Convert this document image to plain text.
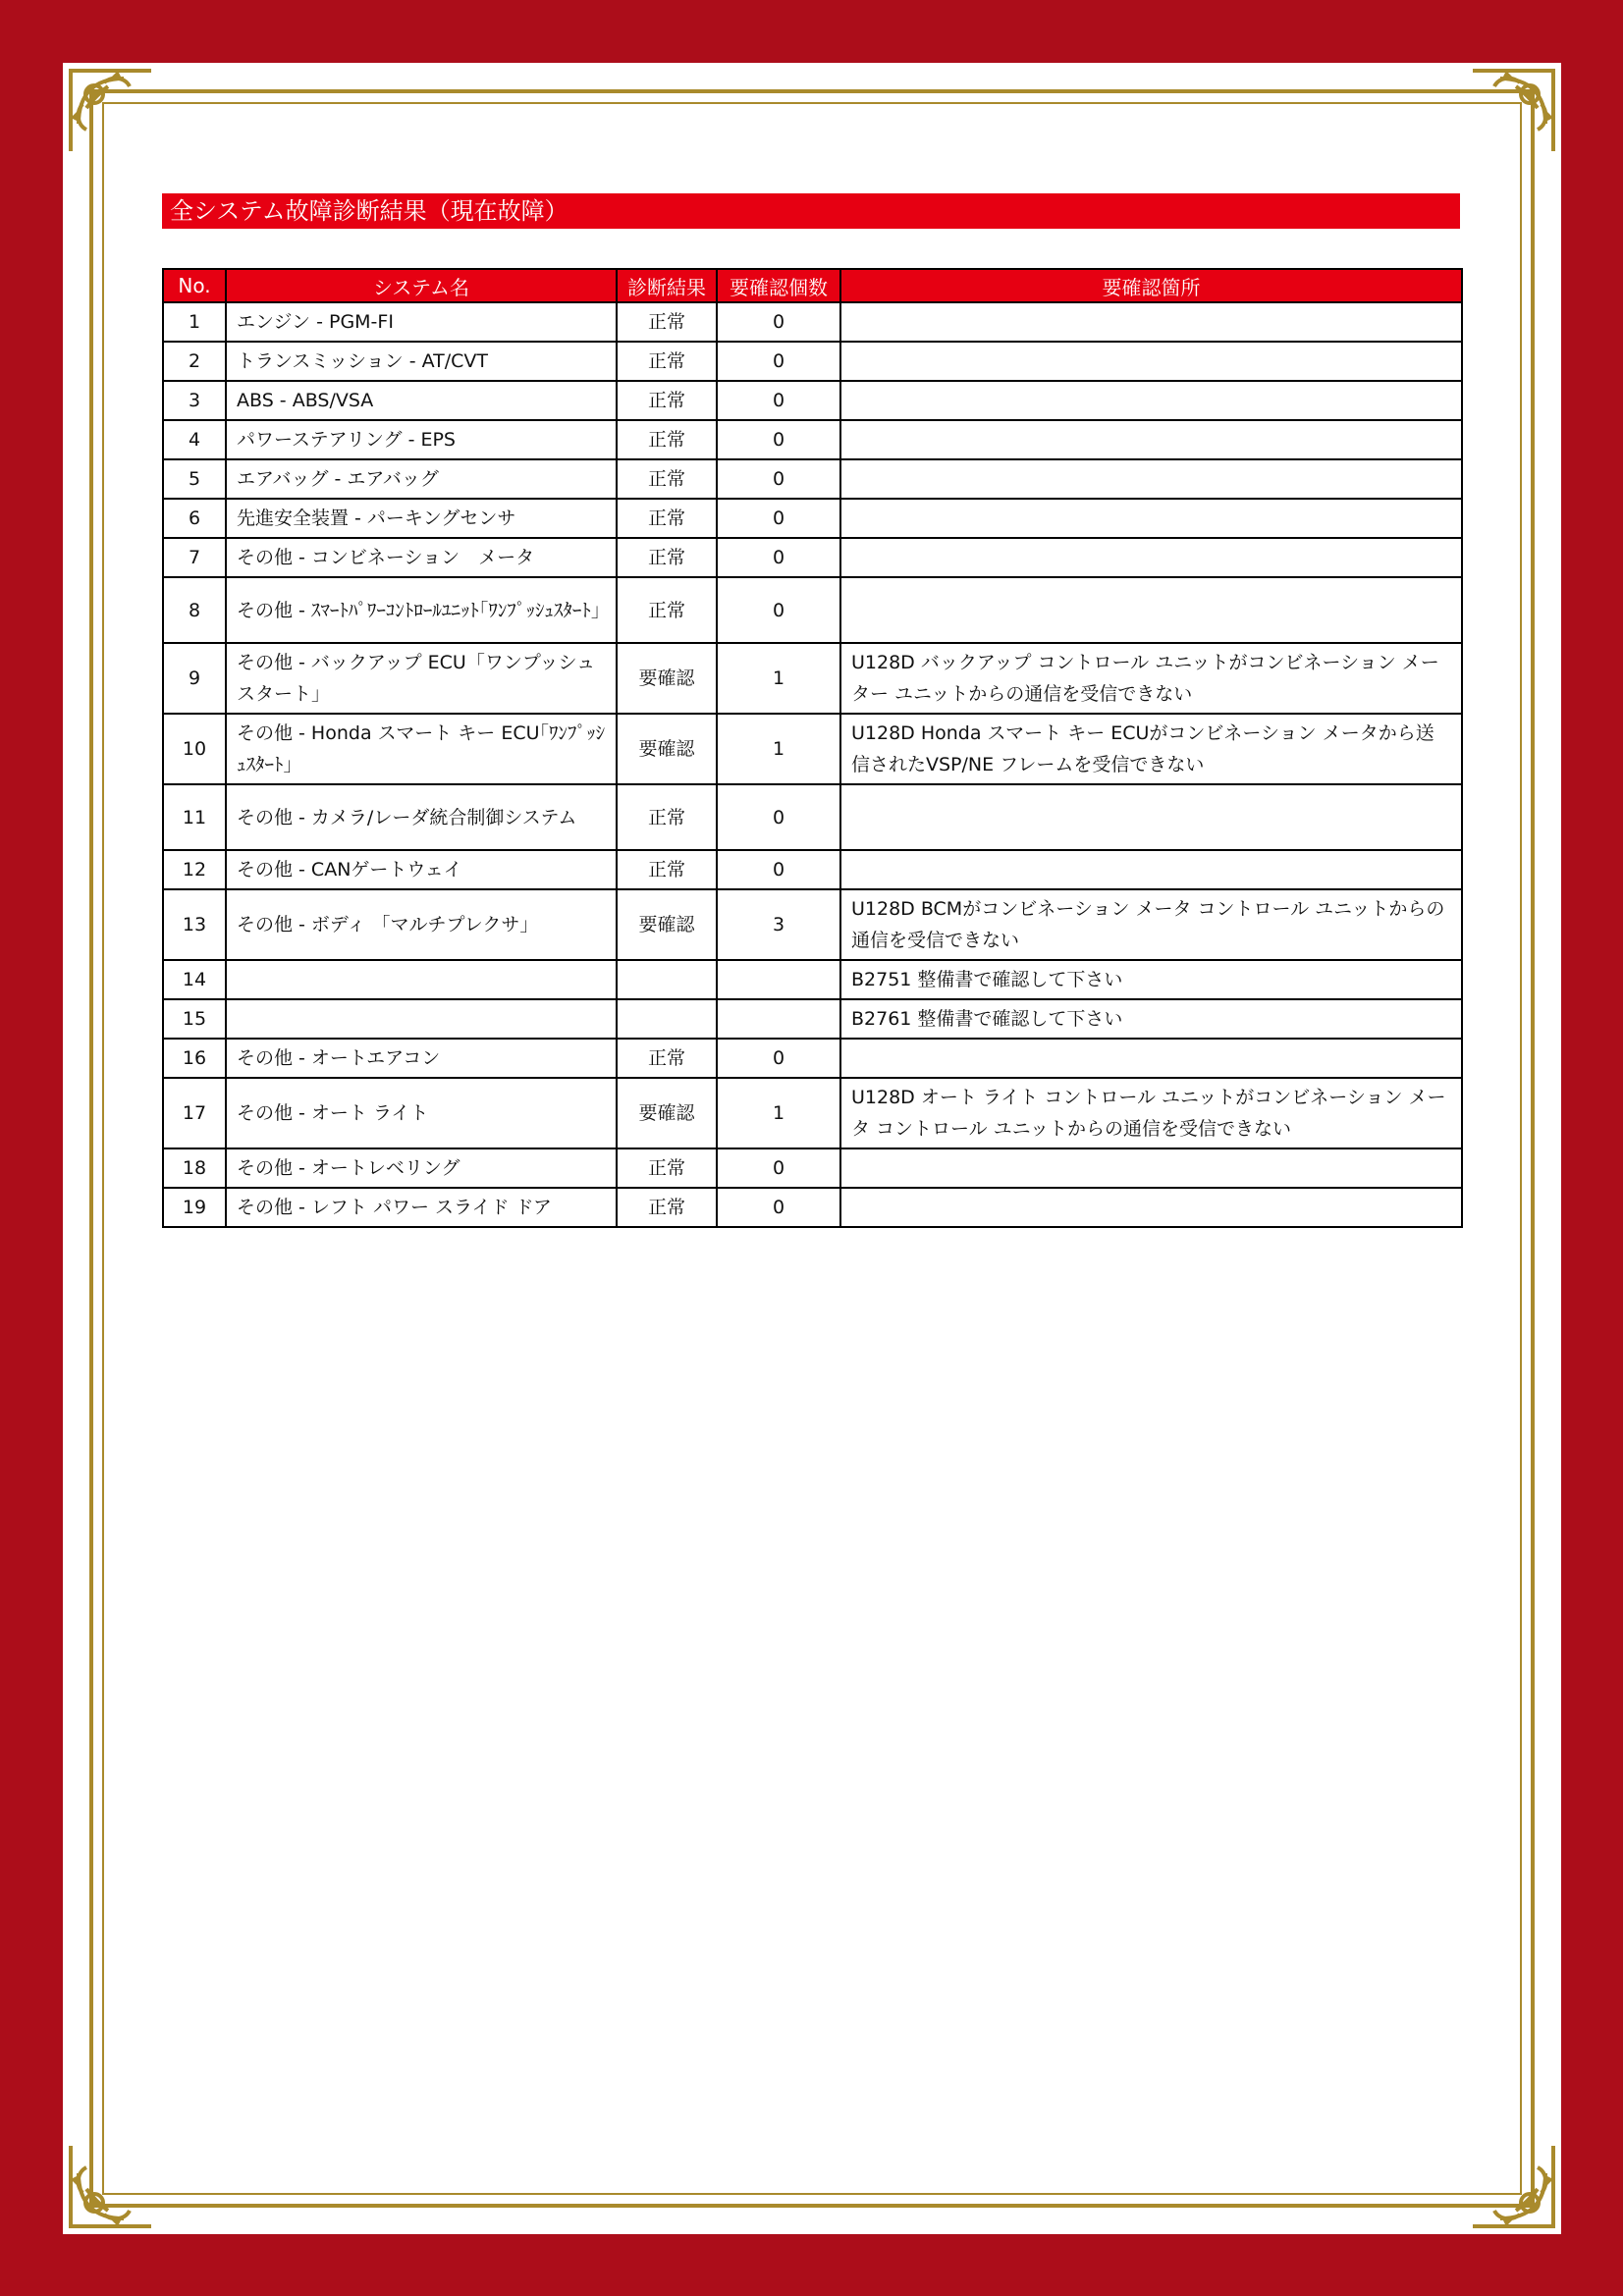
全システム故障診断結果（現在故障）
No.	システム名	診断結果	要確認個数	要確認箇所
1	エンジン - PGM-FI	正常	0	
2	トランスミッション - AT/CVT	正常	0	
3	ABS - ABS/VSA	正常	0	
4	パワーステアリング - EPS	正常	0	
5	エアバッグ - エアバッグ	正常	0	
6	先進安全装置 - パーキングセンサ	正常	0	
7	その他 - コンビネーション　メータ	正常	0	
8	その他 - ｽﾏｰﾄﾊﾟﾜｰｺﾝﾄﾛｰﾙﾕﾆｯﾄ｢ﾜﾝﾌﾟｯｼｭｽﾀｰﾄ｣	正常	0	
9	その他 - バックアップ ECU「ワンプッシュスタート」	要確認	1	U128D バックアップ コントロール ユニットがコンビネーション メーター ユニットからの通信を受信できない
10	その他 - Honda スマート キー ECU｢ﾜﾝﾌﾟｯｼｭｽﾀｰﾄ｣	要確認	1	U128D Honda スマート キー ECUがコンビネーション メータから送信されたVSP/NE フレームを受信できない
11	その他 - カメラ/レーダ統合制御システム	正常	0	
12	その他 - CANゲートウェイ	正常	0	
13	その他 - ボディ 「マルチプレクサ」	要確認	3	U128D BCMがコンビネーション メータ コントロール ユニットからの通信を受信できない
14				B2751 整備書で確認して下さい
15				B2761 整備書で確認して下さい
16	その他 - オートエアコン	正常	0	
17	その他 - オート ライト	要確認	1	U128D オート ライト コントロール ユニットがコンビネーション メータ コントロール ユニットからの通信を受信できない
18	その他 - オートレベリング	正常	0	
19	その他 - レフト パワー スライド ドア	正常	0	
